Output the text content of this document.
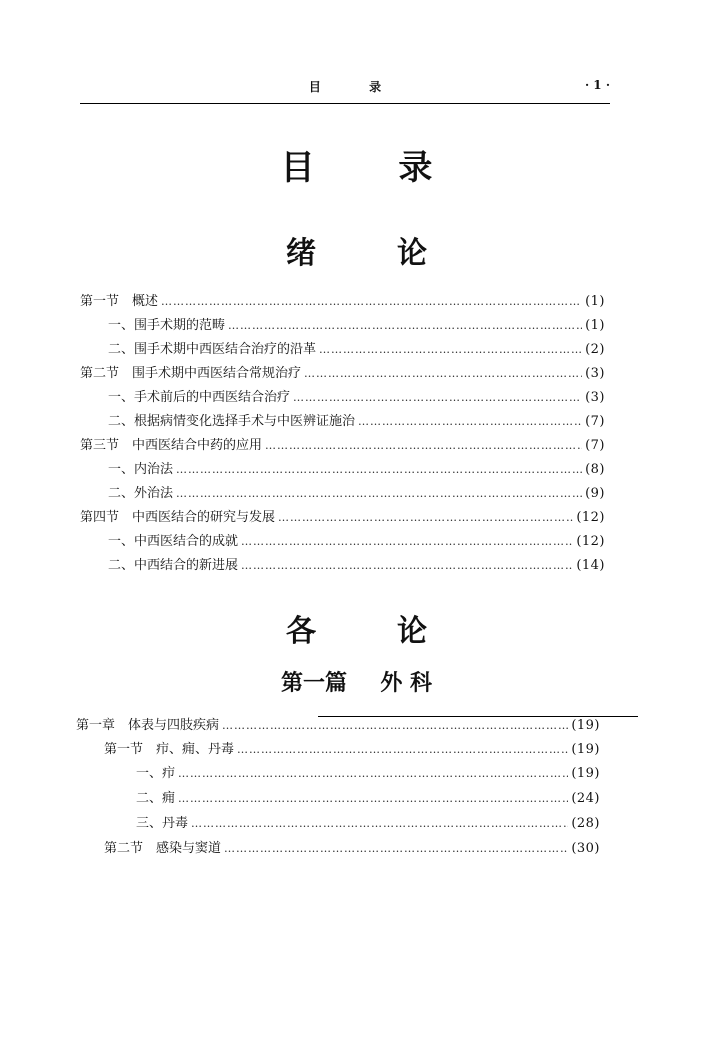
目 录	· 1 ·
目 录
绪	论
第一节　概述 ……………………………………………………………………………………………………………………………………………………………………	(1)
一、围手术期的范畴 ……………………………………………………………………………………………………………………………………………………………………	(1)
二、围手术期中西医结合治疗的沿革 ……………………………………………………………………………………………………………………………………………………………………	(2)
第二节　围手术期中西医结合常规治疗 ……………………………………………………………………………………………………………………………………………………………………	(3)
一、手术前后的中西医结合治疗 ……………………………………………………………………………………………………………………………………………………………………	(3)
二、根据病情变化选择手术与中医辨证施治 ……………………………………………………………………………………………………………………………………………………………………	(7)
第三节　中西医结合中药的应用 ……………………………………………………………………………………………………………………………………………………………………	(7)
一、内治法 ……………………………………………………………………………………………………………………………………………………………………	(8)
二、外治法 ……………………………………………………………………………………………………………………………………………………………………	(9)
第四节　中西医结合的研究与发展 ……………………………………………………………………………………………………………………………………………………………………	(12)
一、中西医结合的成就 ……………………………………………………………………………………………………………………………………………………………………	(12)
二、中西结合的新进展 ……………………………………………………………………………………………………………………………………………………………………	(14)
各	论
第一篇 外 科
第一章　体表与四肢疾病 ……………………………………………………………………………………………………………………………………………………………………	(19)
第一节　疖、痈、丹毒 ……………………………………………………………………………………………………………………………………………………………………	(19)
一、疖 ……………………………………………………………………………………………………………………………………………………………………	(19)
二、痈 ……………………………………………………………………………………………………………………………………………………………………	(24)
三、丹毒 ……………………………………………………………………………………………………………………………………………………………………	(28)
第二节　感染与窦道 ……………………………………………………………………………………………………………………………………………………………………	(30)
